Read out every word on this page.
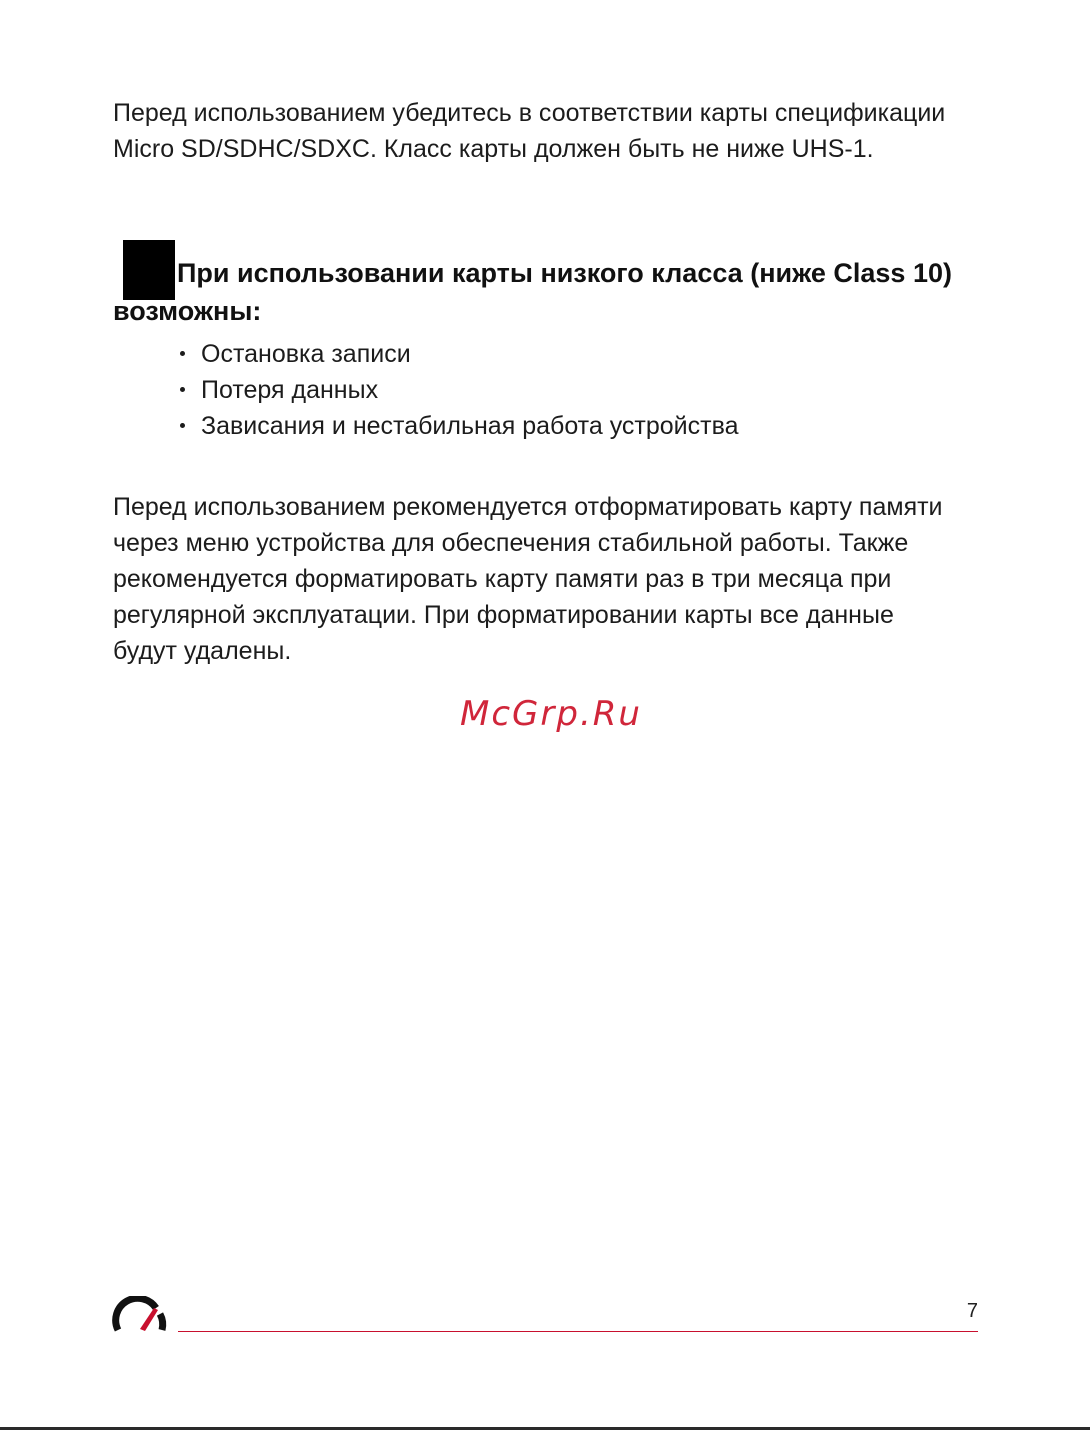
Перед использованием убедитесь в соответствии карты спецификации Micro SD/SDHC/SDXC. Класс карты должен быть не ниже UHS-1.

При использовании карты низкого класса (ниже Class 10) возможны:

Остановка записи
Потеря данных
Зависания и нестабильная работа устройства

Перед использованием рекомендуется отформатировать карту памяти через меню устройства для обеспечения стабильной работы. Также рекомендуется форматировать карту памяти раз в три месяца при регулярной эксплуатации. При форматировании карты все данные будут удалены.

McGrp.Ru
7
